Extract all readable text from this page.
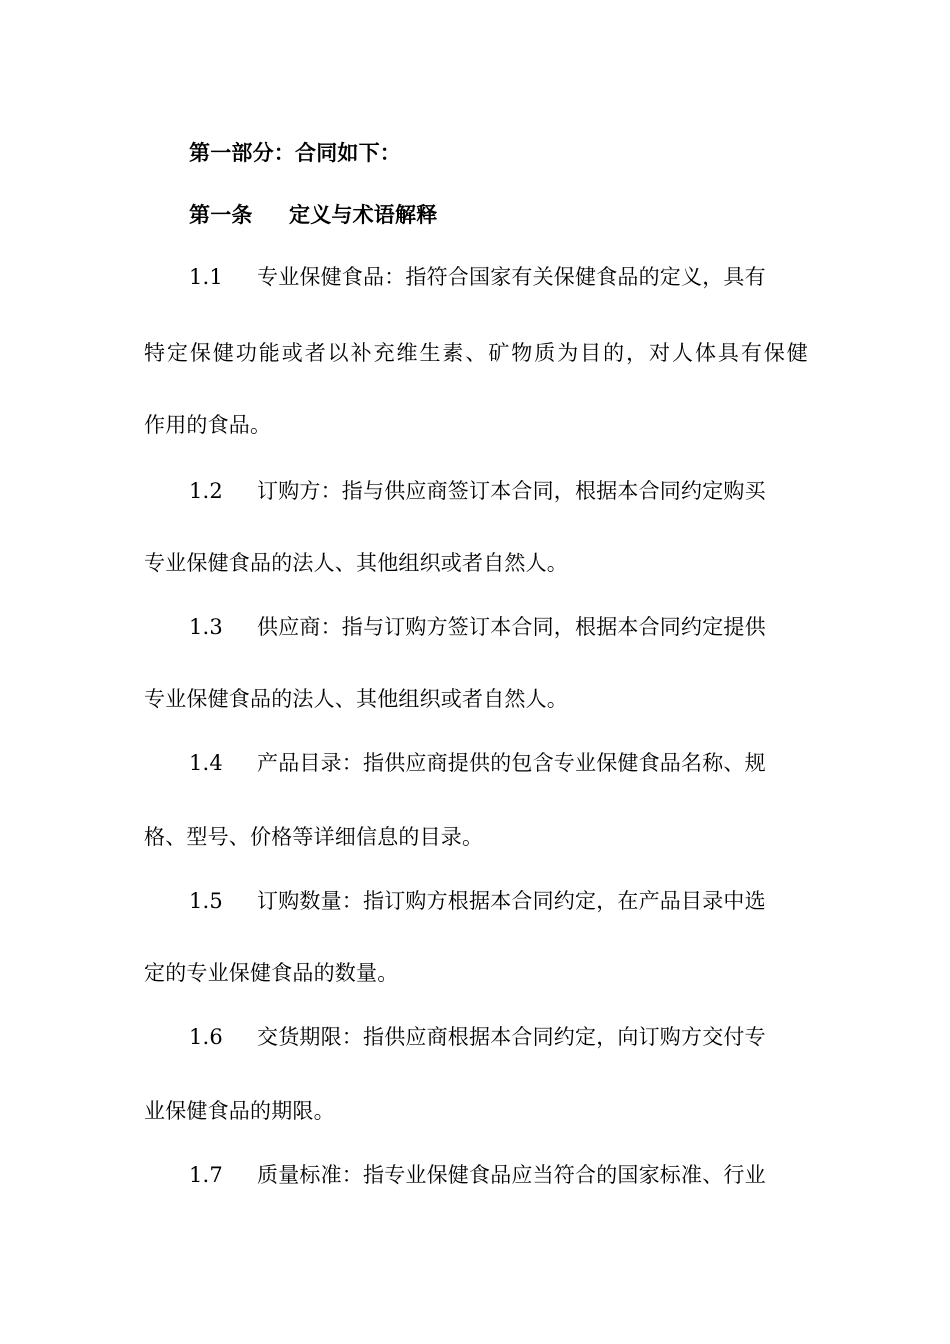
第一部分：合同如下：
第一条 定义与术语解释
1.1 专业保健食品：指符合国家有关保健食品的定义，具有
特定保健功能或者以补充维生素、矿物质为目的，对人体具有保健
作用的食品。
1.2 订购方：指与供应商签订本合同，根据本合同约定购买
专业保健食品的法人、其他组织或者自然人。
1.3 供应商：指与订购方签订本合同，根据本合同约定提供
专业保健食品的法人、其他组织或者自然人。
1.4 产品目录：指供应商提供的包含专业保健食品名称、规
格、型号、价格等详细信息的目录。
1.5 订购数量：指订购方根据本合同约定，在产品目录中选
定的专业保健食品的数量。
1.6 交货期限：指供应商根据本合同约定，向订购方交付专
业保健食品的期限。
1.7 质量标准：指专业保健食品应当符合的国家标准、行业
